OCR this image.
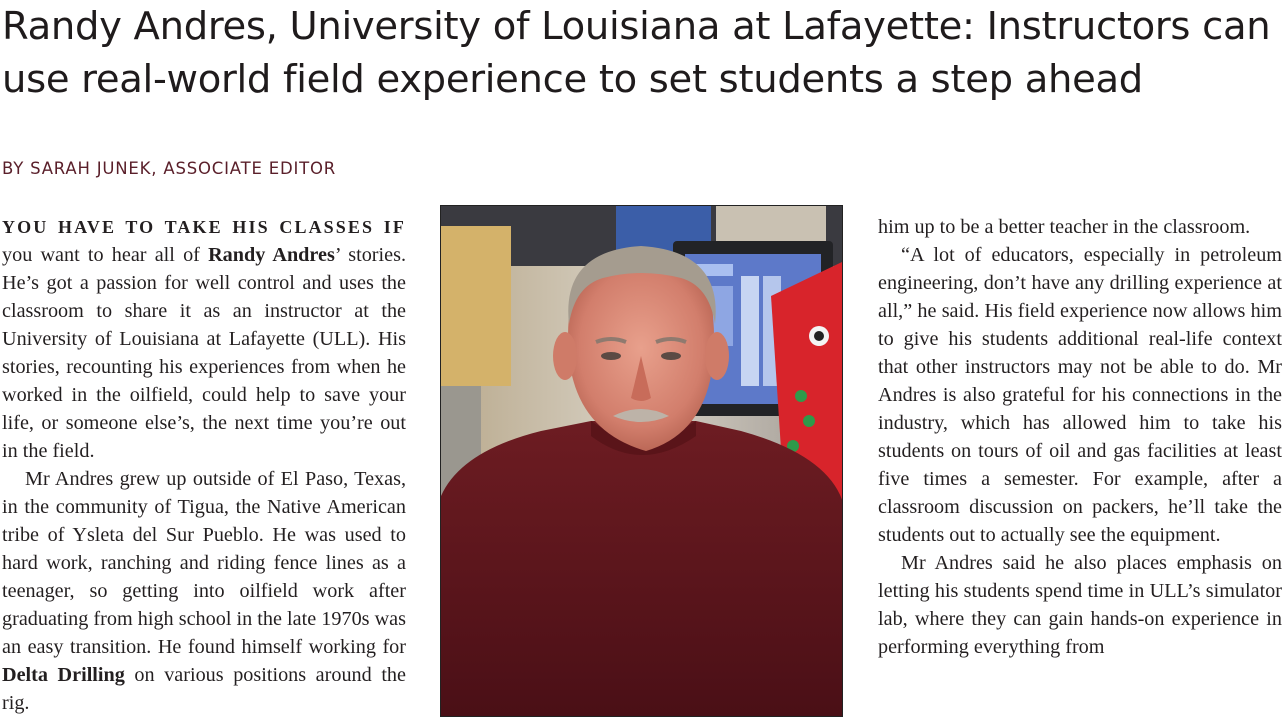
Randy Andres, University of Louisiana at Lafayette: Instructors can use real-world field experience to set students a step ahead
BY SARAH JUNEK, ASSOCIATE EDITOR

YOU HAVE TO TAKE HIS CLASSES IF you want to hear all of Randy Andres’ stories. He’s got a passion for well control and uses the classroom to share it as an instructor at the University of Louisiana at Lafayette (ULL). His stories, recounting his experiences from when he worked in the oilfield, could help to save your life, or someone else’s, the next time you’re out in the field.

Mr Andres grew up outside of El Paso, Texas, in the community of Tigua, the Native American tribe of Ysleta del Sur Pueblo. He was used to hard work, ranching and riding fence lines as a teenager, so getting into oilfield work after graduating from high school in the late 1970s was an easy transition. He found himself working for Delta Drilling on various positions around the rig.

him up to be a better teacher in the classroom.

“A lot of educators, especially in petroleum engineering, don’t have any drilling experience at all,” he said. His field experience now allows him to give his students additional real-life context that other instructors may not be able to do. Mr Andres is also grateful for his connections in the industry, which has allowed him to take his students on tours of oil and gas facilities at least five times a semester. For example, after a classroom discussion on packers, he’ll take the students out to actually see the equipment.

Mr Andres said he also places emphasis on letting his students spend time in ULL’s simulator lab, where they can gain hands-on experience in performing everything from
